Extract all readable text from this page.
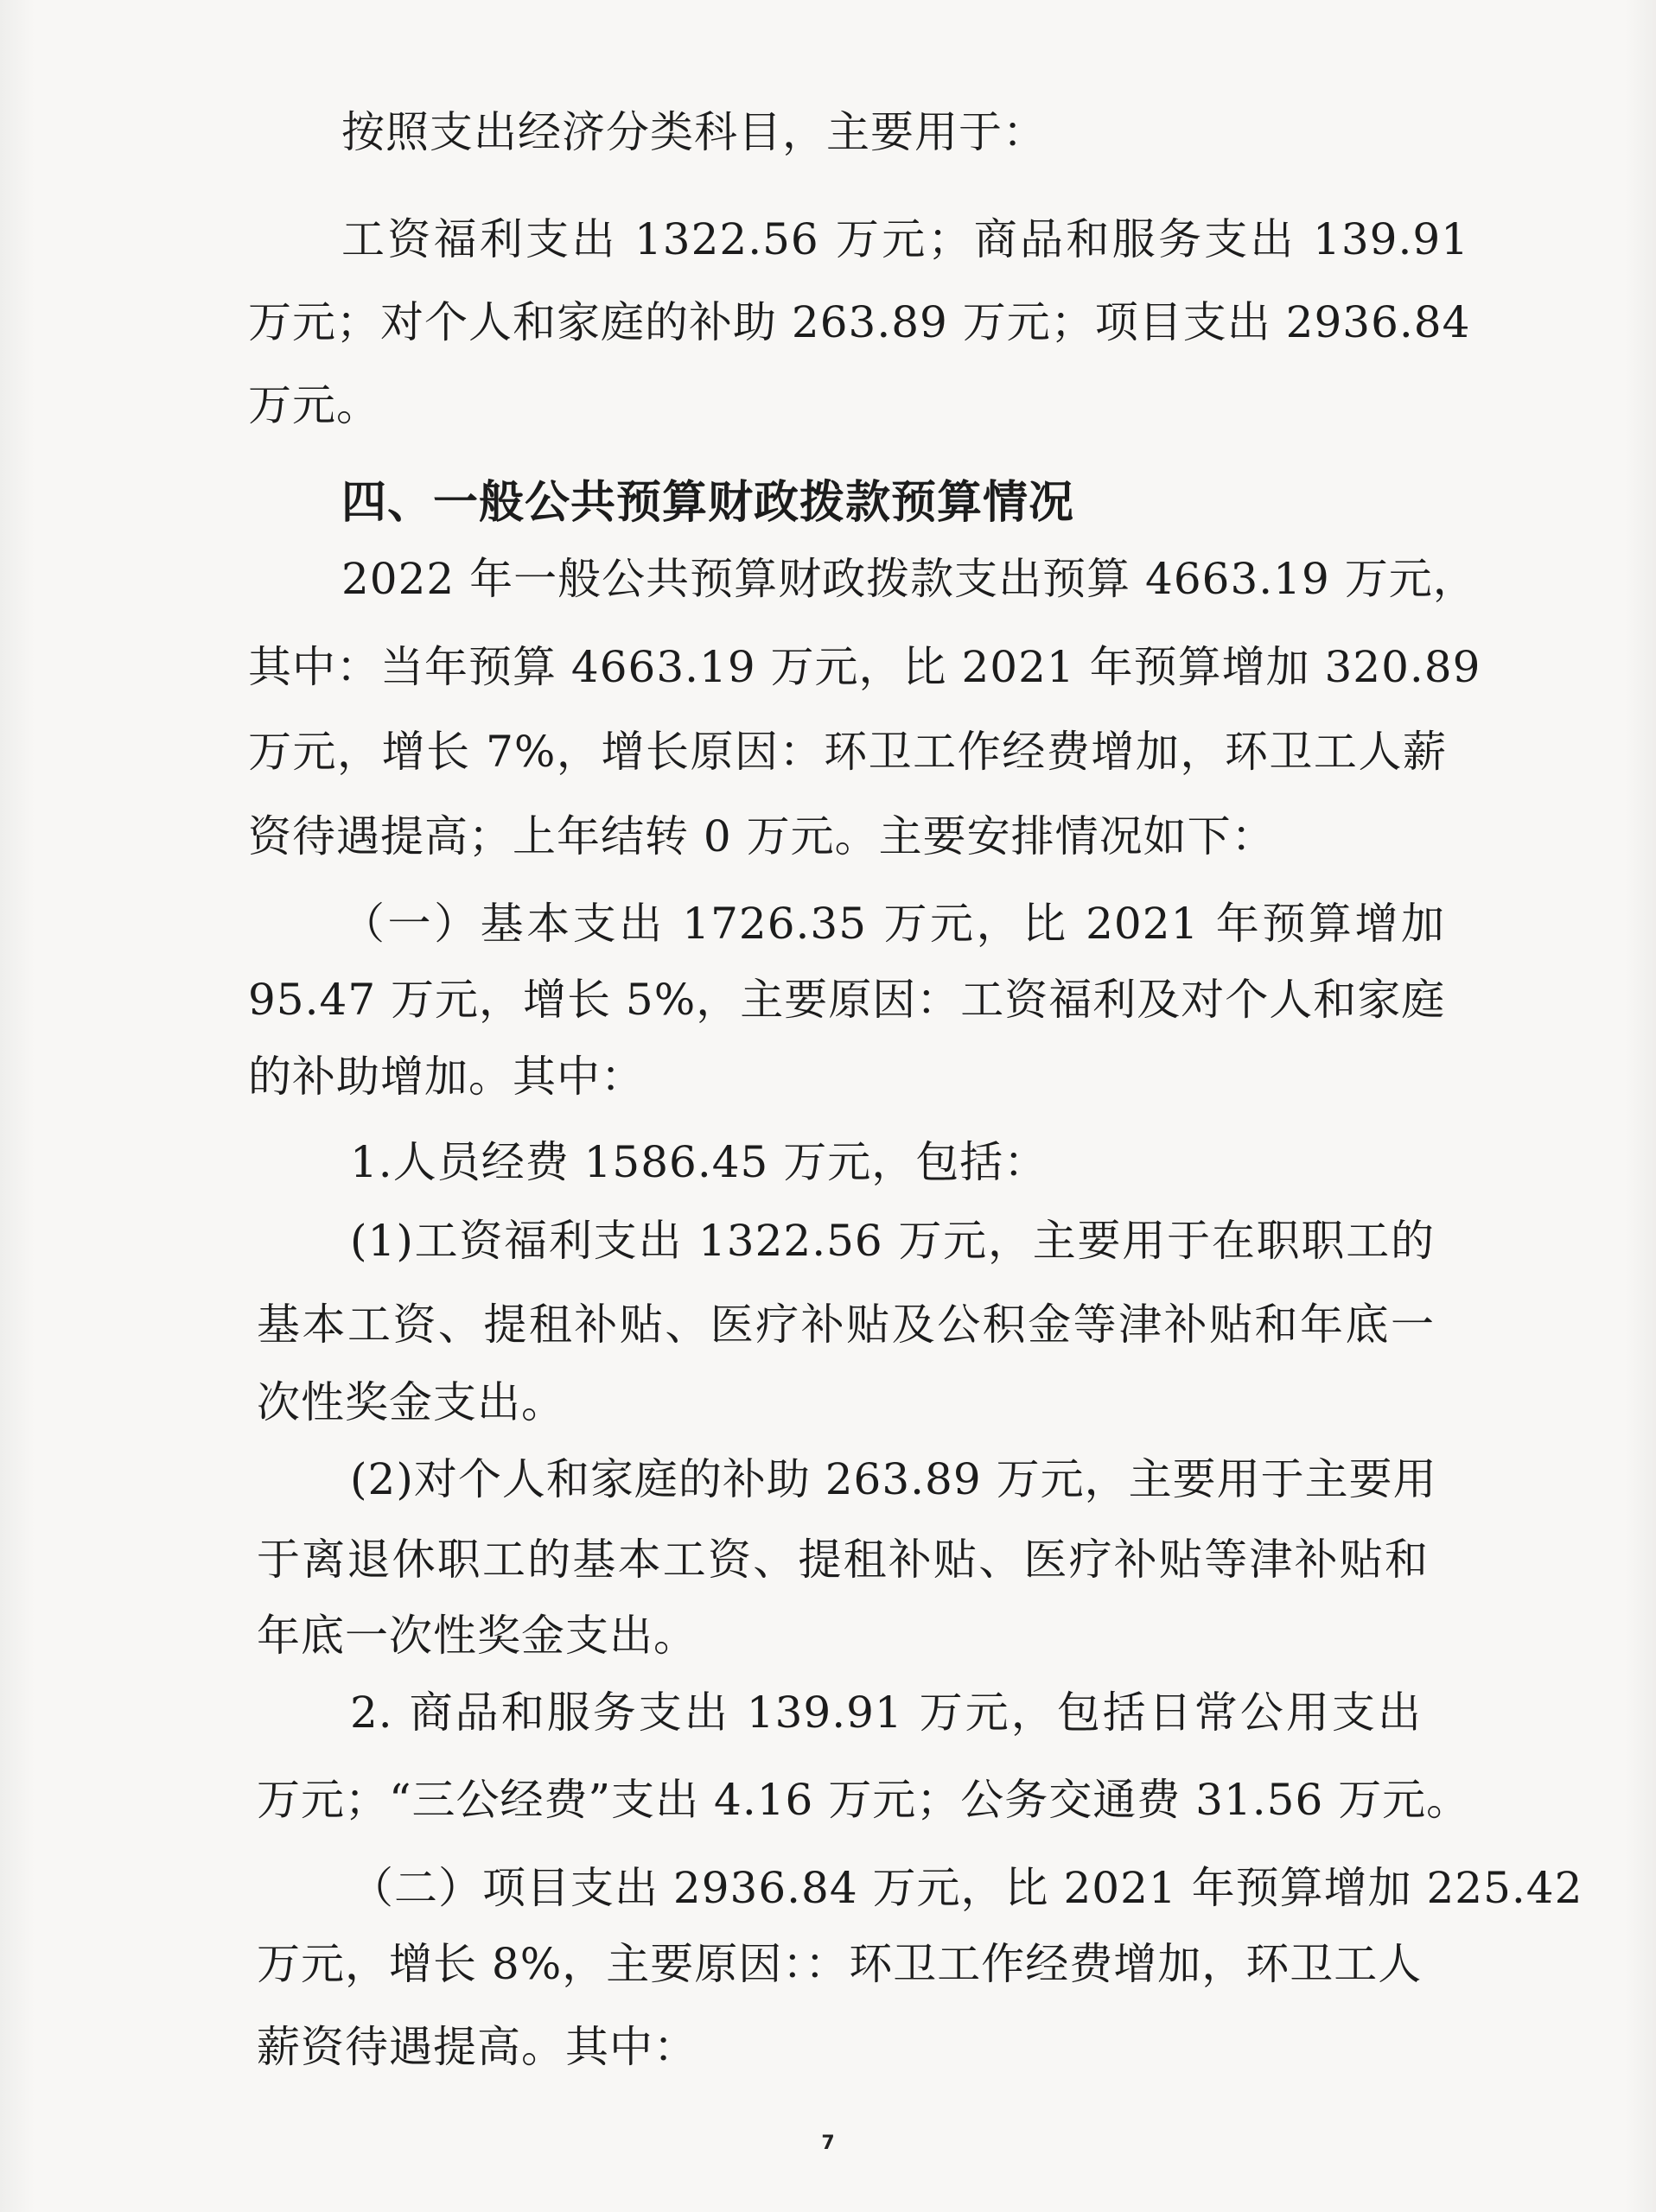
按照支出经济分类科目，主要用于：

工资福利支出 1322.56 万元；商品和服务支出 139.91

万元；对个人和家庭的补助 263.89 万元；项目支出 2936.84

万元。

四、一般公共预算财政拨款预算情况

2022 年一般公共预算财政拨款支出预算 4663.19 万元，

其中：当年预算 4663.19 万元，比 2021 年预算增加 320.89

万元，增长 7%，增长原因：环卫工作经费增加，环卫工人薪

资待遇提高；上年结转 0 万元。主要安排情况如下：

（一）基本支出 1726.35 万元，比 2021 年预算增加

95.47 万元，增长 5%，主要原因：工资福利及对个人和家庭

的补助增加。其中：

1.人员经费 1586.45 万元，包括：

(1)工资福利支出 1322.56 万元，主要用于在职职工的

基本工资、提租补贴、医疗补贴及公积金等津补贴和年底一

次性奖金支出。

(2)对个人和家庭的补助 263.89 万元，主要用于主要用

于离退休职工的基本工资、提租补贴、医疗补贴等津补贴和

年底一次性奖金支出。

2. 商品和服务支出 139.91 万元，包括日常公用支出

万元；“三公经费”支出 4.16 万元；公务交通费 31.56 万元。

（二）项目支出 2936.84 万元，比 2021 年预算增加 225.42

万元，增长 8%，主要原因：：环卫工作经费增加，环卫工人

薪资待遇提高。其中：

7
